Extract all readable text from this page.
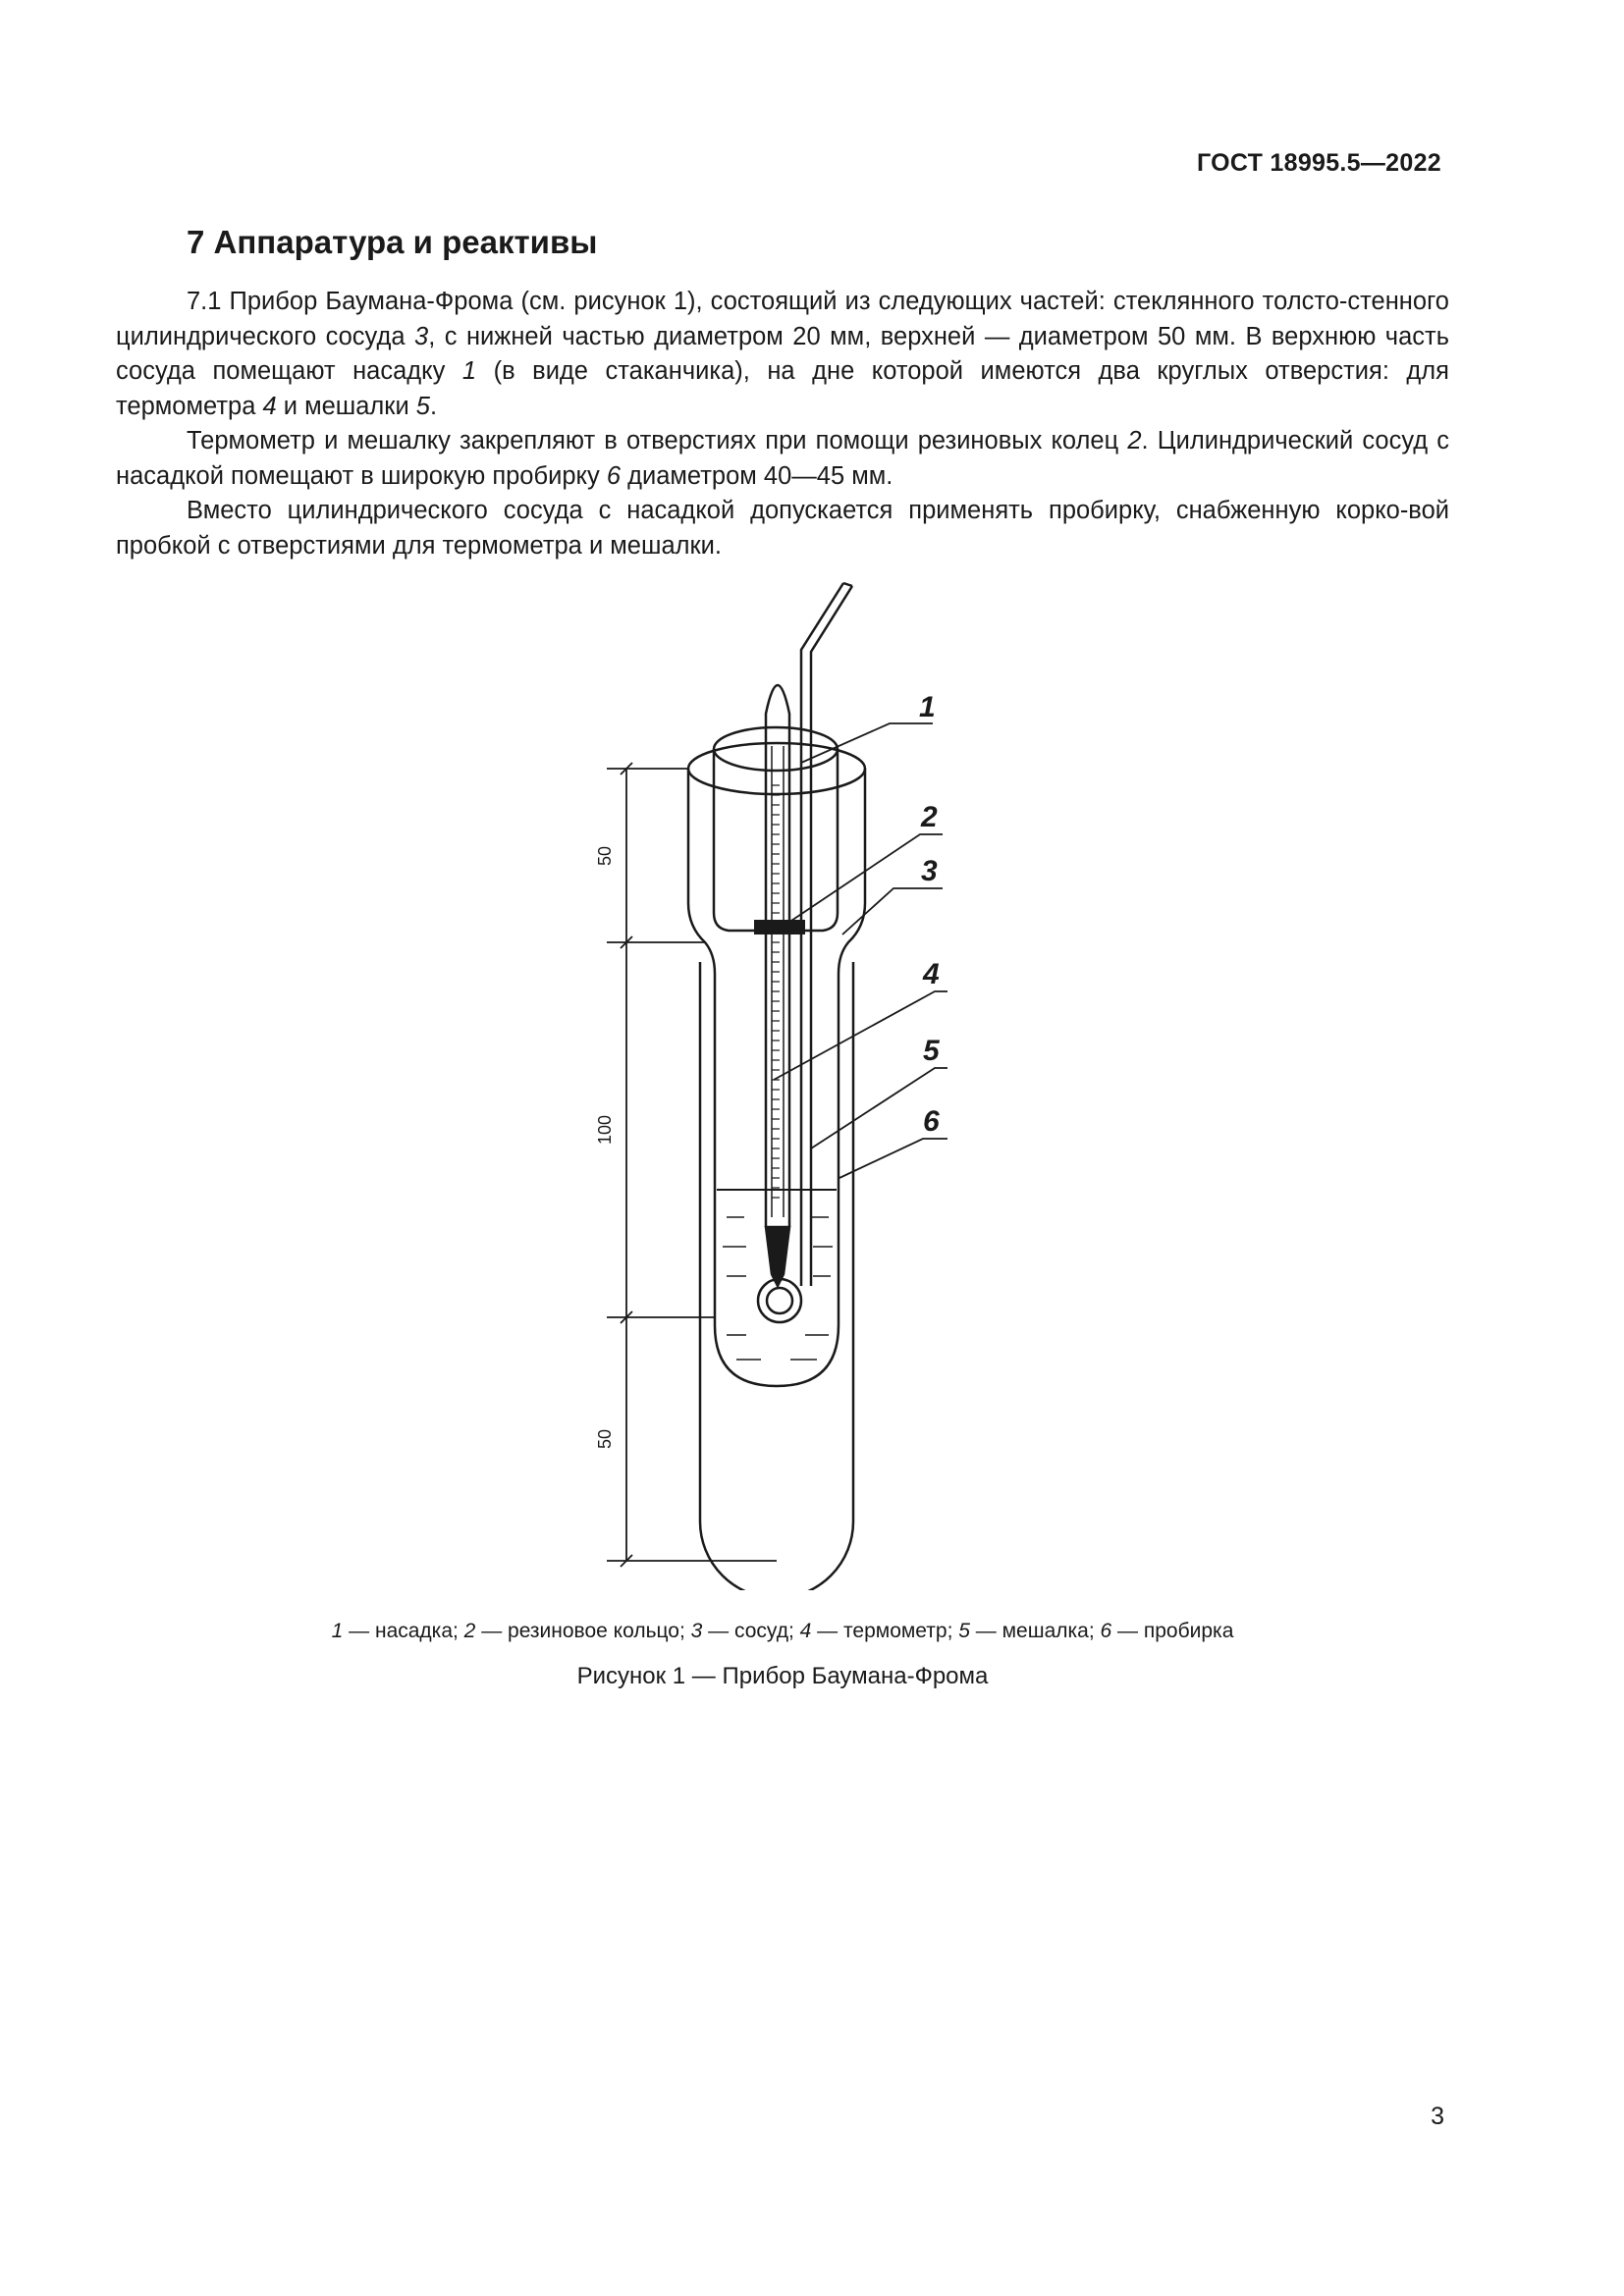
ГОСТ 18995.5—2022
7 Аппаратура и реактивы

7.1 Прибор Баумана-Фрома (см. рисунок 1), состоящий из следующих частей: стеклянного толсто-стенного цилиндрического сосуда 3, с нижней частью диаметром 20 мм, верхней — диаметром 50 мм. В верхнюю часть сосуда помещают насадку 1 (в виде стаканчика), на дне которой имеются два круглых отверстия: для термометра 4 и мешалки 5.

Термометр и мешалку закрепляют в отверстиях при помощи резиновых колец 2. Цилиндрический сосуд с насадкой помещают в широкую пробирку 6 диаметром 40—45 мм.

Вместо цилиндрического сосуда с насадкой допускается применять пробирку, снабженную корко-вой пробкой с отверстиями для термометра и мешалки.

50
100
50
1
2
3
4
5
6
1 — насадка; 2 — резиновое кольцо; 3 — сосуд; 4 — термометр; 5 — мешалка; 6 — пробирка
Рисунок 1 — Прибор Баумана-Фрома
3
